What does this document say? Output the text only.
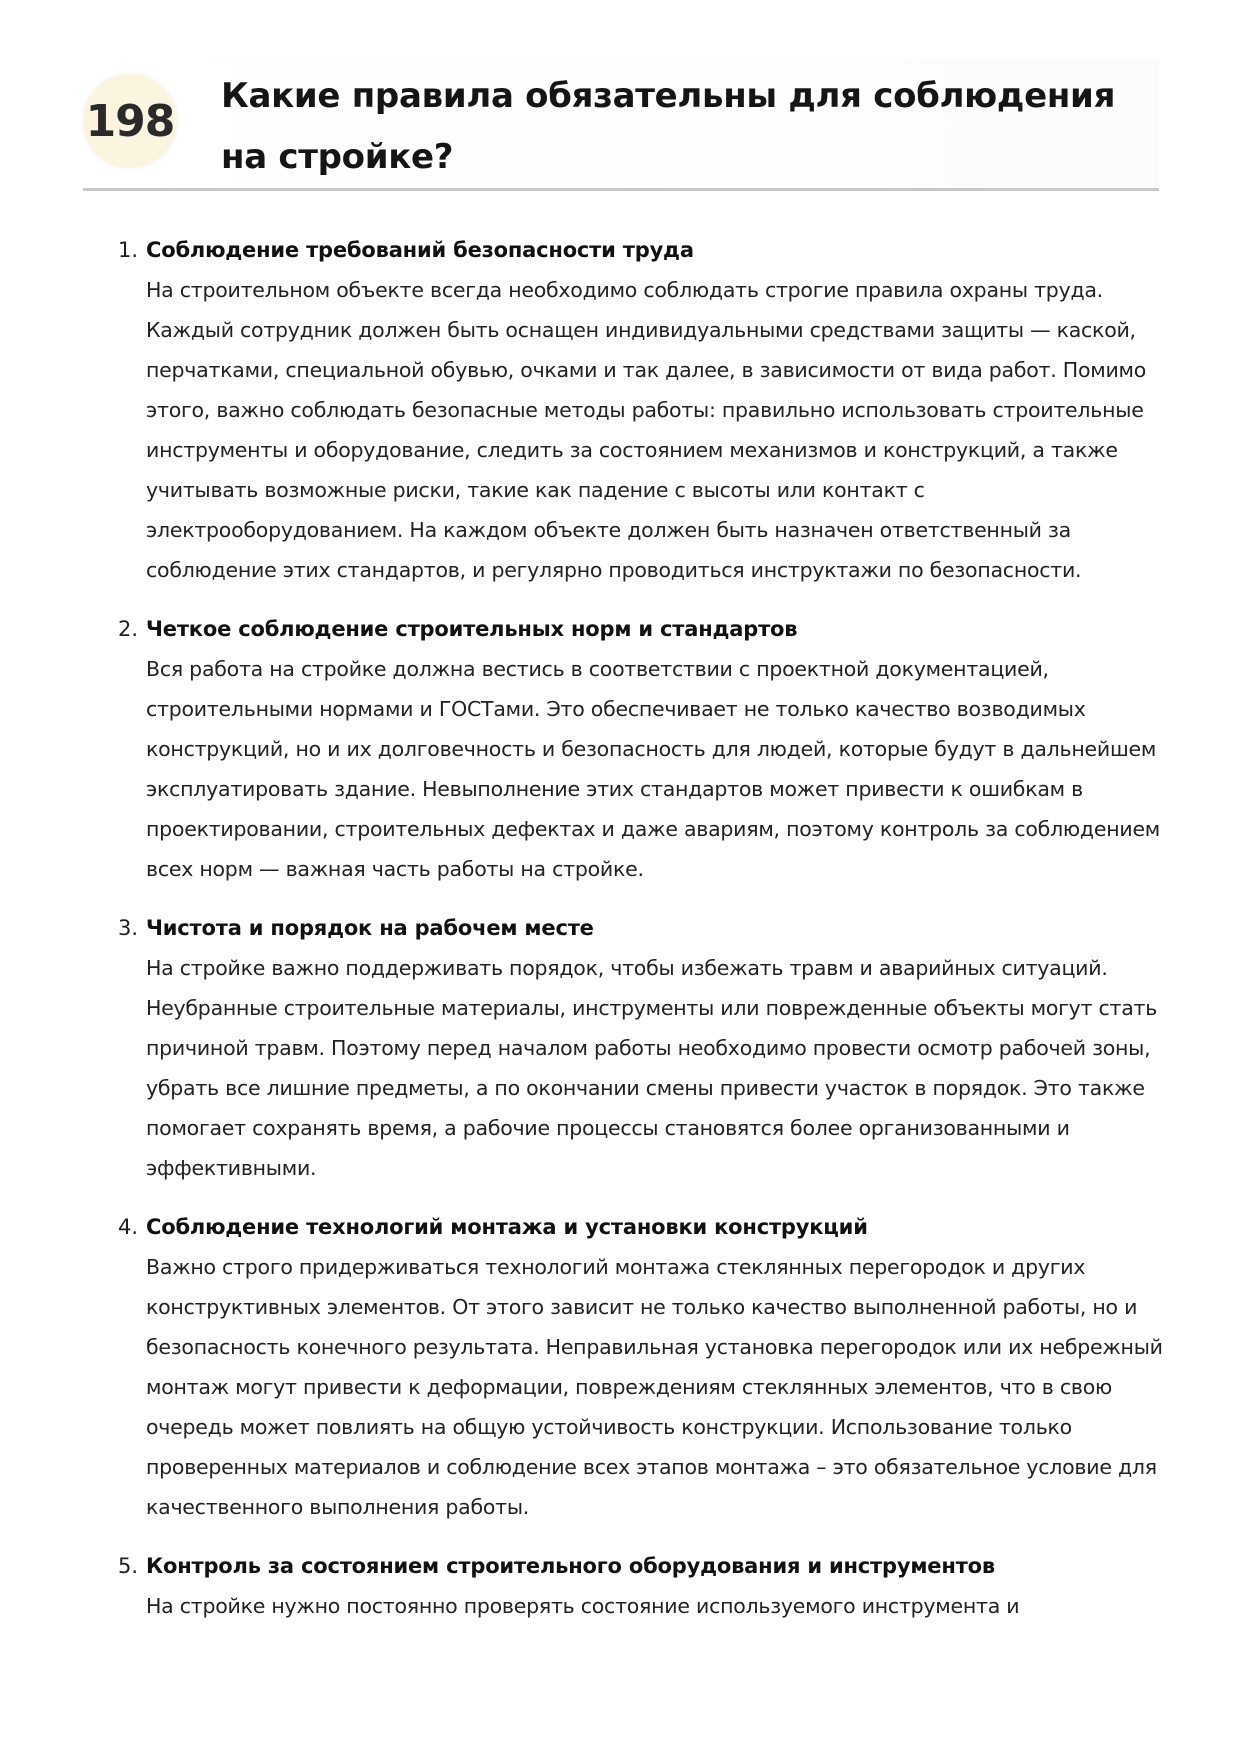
198 Какие правила обязательны для соблюдения на стройке?
1. Соблюдение требований безопасности труда

На строительном объекте всегда необходимо соблюдать строгие правила охраны труда. Каждый сотрудник должен быть оснащен индивидуальными средствами защиты — каской, перчатками, специальной обувью, очками и так далее, в зависимости от вида работ. Помимо этого, важно соблюдать безопасные методы работы: правильно использовать строительные инструменты и оборудование, следить за состоянием механизмов и конструкций, а также учитывать возможные риски, такие как падение с высоты или контакт с электрооборудованием. На каждом объекте должен быть назначен ответственный за соблюдение этих стандартов, и регулярно проводиться инструктажи по безопасности.

2. Четкое соблюдение строительных норм и стандартов

Вся работа на стройке должна вестись в соответствии с проектной документацией, строительными нормами и ГОСТами. Это обеспечивает не только качество возводимых конструкций, но и их долговечность и безопасность для людей, которые будут в дальнейшем эксплуатировать здание. Невыполнение этих стандартов может привести к ошибкам в проектировании, строительных дефектах и даже авариям, поэтому контроль за соблюдением всех норм — важная часть работы на стройке.

3. Чистота и порядок на рабочем месте

На стройке важно поддерживать порядок, чтобы избежать травм и аварийных ситуаций. Неубранные строительные материалы, инструменты или поврежденные объекты могут стать причиной травм. Поэтому перед началом работы необходимо провести осмотр рабочей зоны, убрать все лишние предметы, а по окончании смены привести участок в порядок. Это также помогает сохранять время, а рабочие процессы становятся более организованными и эффективными.

4. Соблюдение технологий монтажа и установки конструкций

Важно строго придерживаться технологий монтажа стеклянных перегородок и других конструктивных элементов. От этого зависит не только качество выполненной работы, но и безопасность конечного результата. Неправильная установка перегородок или их небрежный монтаж могут привести к деформации, повреждениям стеклянных элементов, что в свою очередь может повлиять на общую устойчивость конструкции. Использование только проверенных материалов и соблюдение всех этапов монтажа – это обязательное условие для качественного выполнения работы.

5. Контроль за состоянием строительного оборудования и инструментов

На стройке нужно постоянно проверять состояние используемого инструмента и
